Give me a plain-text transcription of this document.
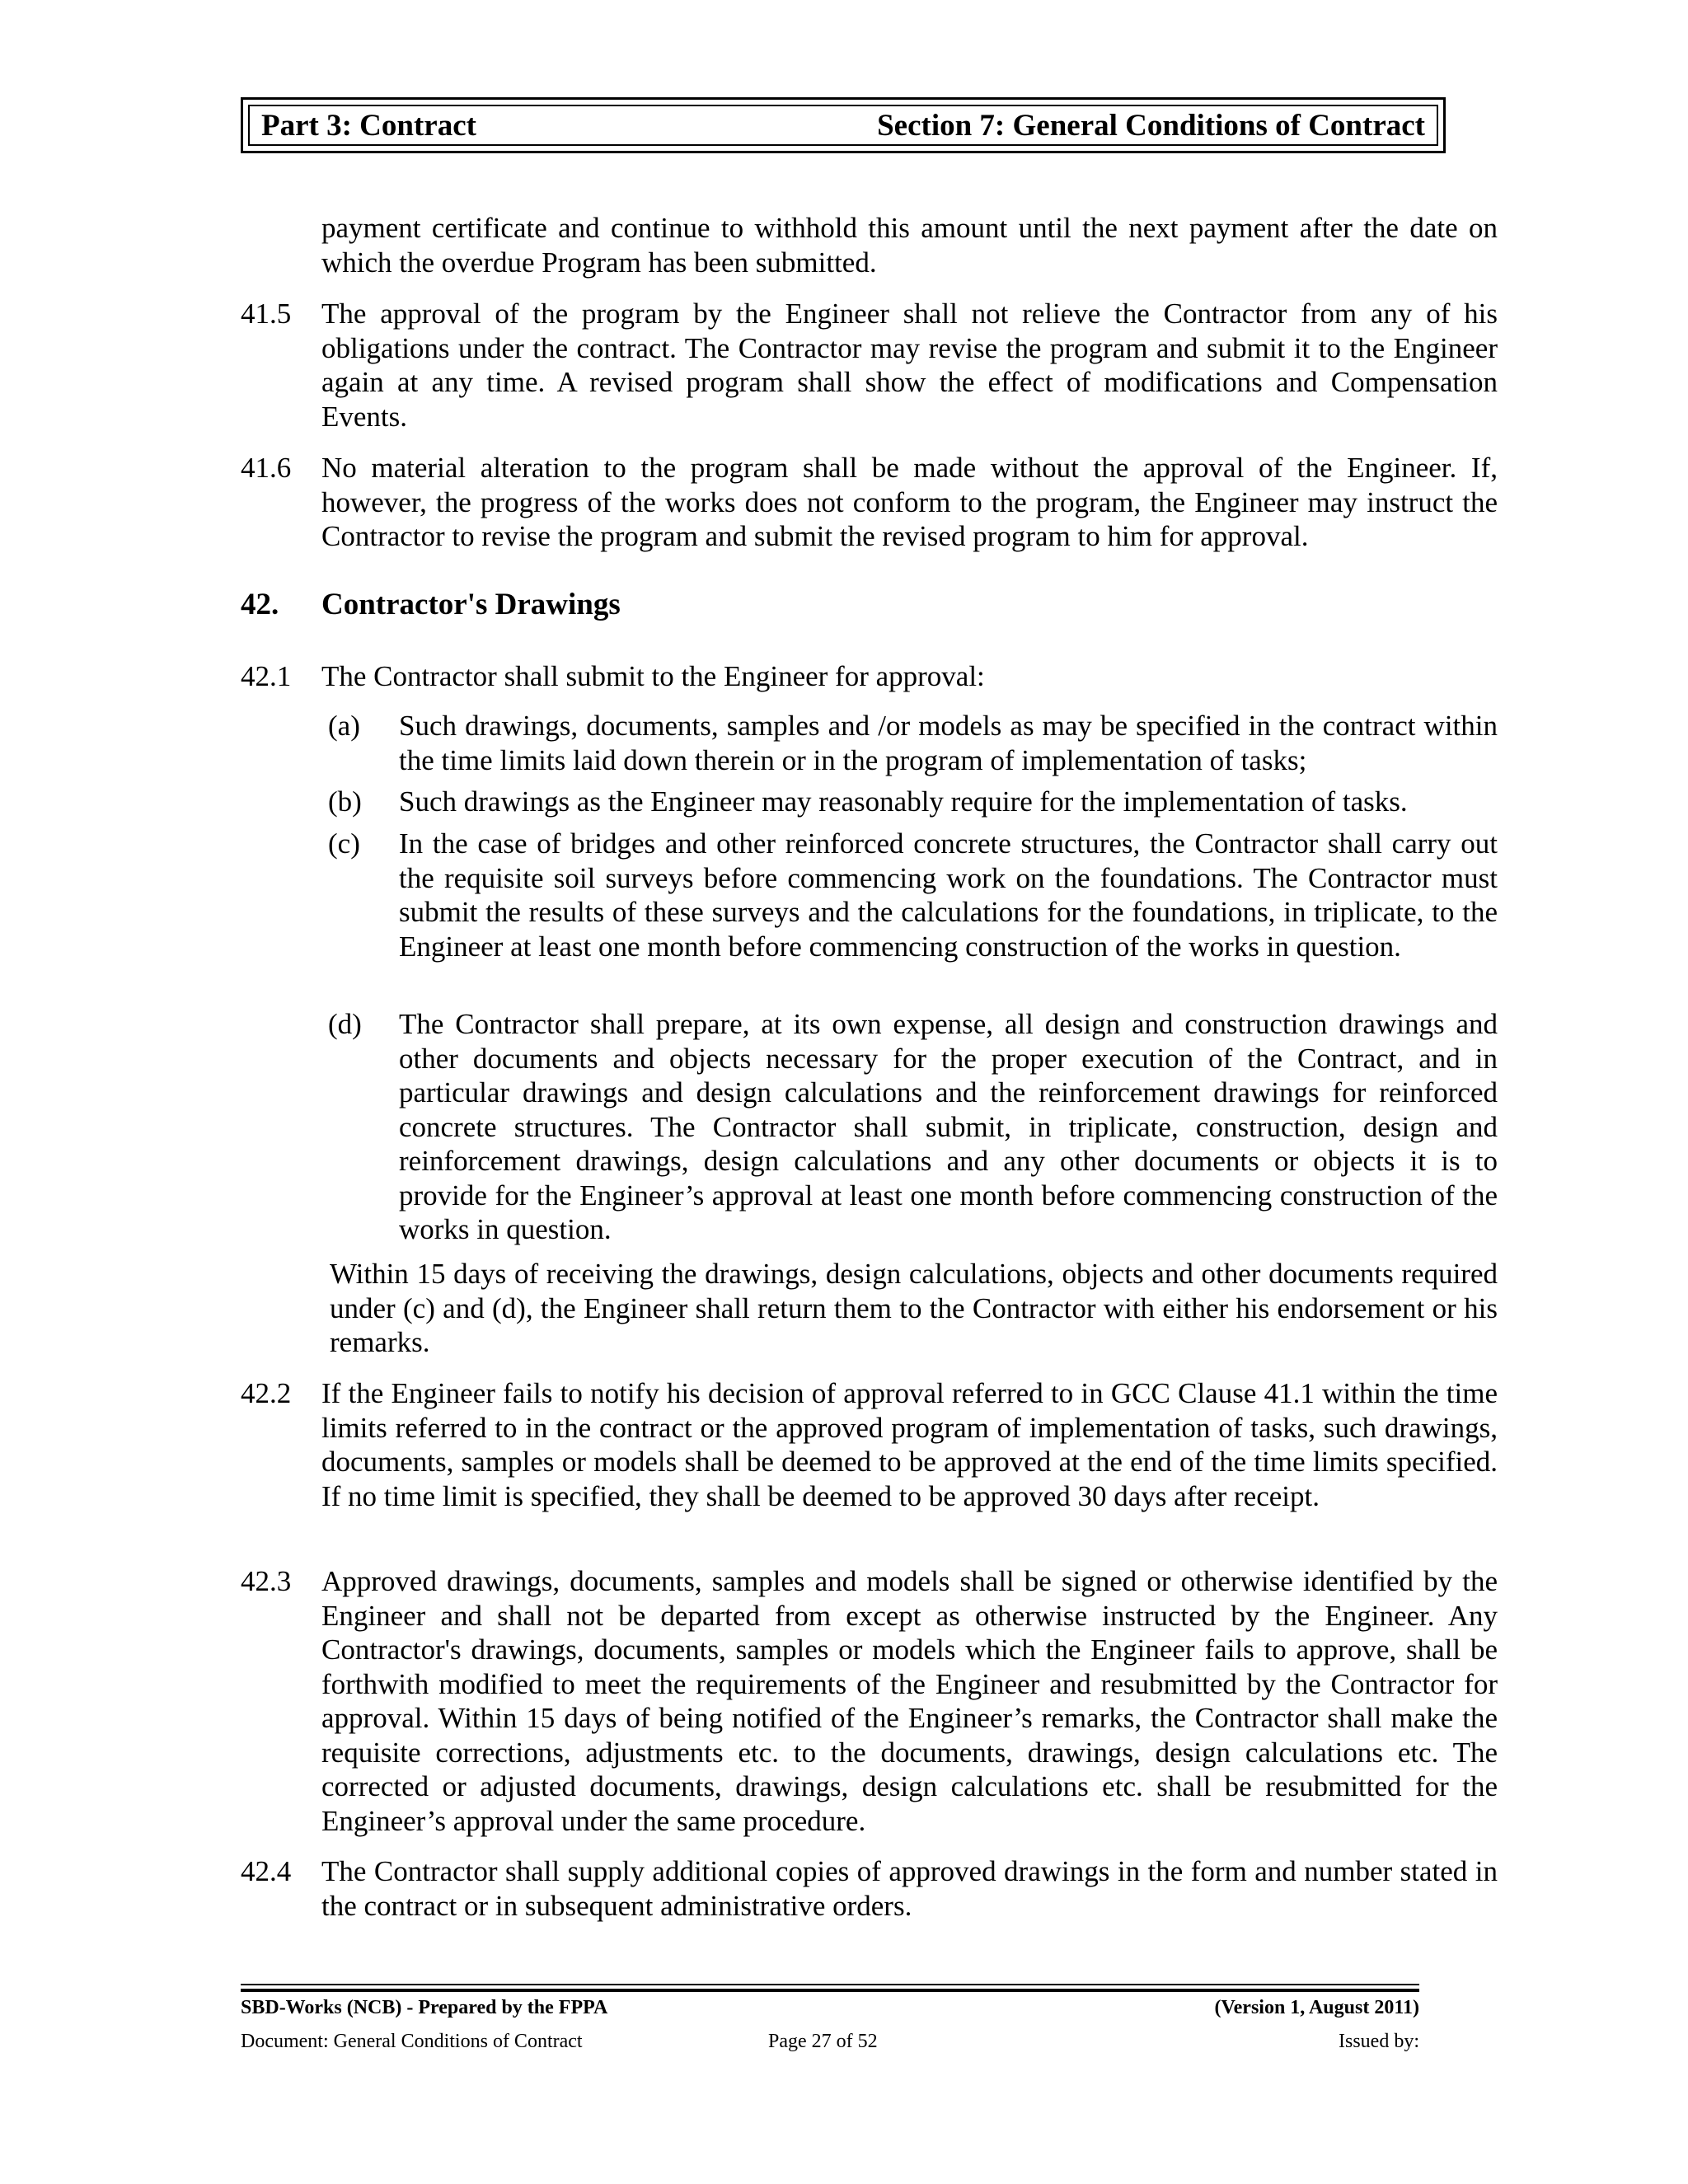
Part 3: Contract	Section 7: General Conditions of Contract
payment certificate and continue to withhold this amount until the next payment after the date on which the overdue Program has been submitted.
41.5 The approval of the program by the Engineer shall not relieve the Contractor from any of his obligations under the contract. The Contractor may revise the program and submit it to the Engineer again at any time. A revised program shall show the effect of modifications and Compensation Events.
41.6 No material alteration to the program shall be made without the approval of the Engineer. If, however, the progress of the works does not conform to the program, the Engineer may instruct the Contractor to revise the program and submit the revised program to him for approval.
42. Contractor's Drawings
42.1 The Contractor shall submit to the Engineer for approval:
(a) Such drawings, documents, samples and /or models as may be specified in the contract within the time limits laid down therein or in the program of implementation of tasks;
(b) Such drawings as the Engineer may reasonably require for the implementation of tasks.
(c) In the case of bridges and other reinforced concrete structures, the Contractor shall carry out the requisite soil surveys before commencing work on the foundations. The Contractor must submit the results of these surveys and the calculations for the foundations, in triplicate, to the Engineer at least one month before commencing construction of the works in question.
(d) The Contractor shall prepare, at its own expense, all design and construction drawings and other documents and objects necessary for the proper execution of the Contract, and in particular drawings and design calculations and the reinforcement drawings for reinforced concrete structures. The Contractor shall submit, in triplicate, construction, design and reinforcement drawings, design calculations and any other documents or objects it is to provide for the Engineer’s approval at least one month before commencing construction of the works in question.
Within 15 days of receiving the drawings, design calculations, objects and other documents required under (c) and (d), the Engineer shall return them to the Contractor with either his endorsement or his remarks.
42.2 If the Engineer fails to notify his decision of approval referred to in GCC Clause 41.1 within the time limits referred to in the contract or the approved program of implementation of tasks, such drawings, documents, samples or models shall be deemed to be approved at the end of the time limits specified. If no time limit is specified, they shall be deemed to be approved 30 days after receipt.
42.3 Approved drawings, documents, samples and models shall be signed or otherwise identified by the Engineer and shall not be departed from except as otherwise instructed by the Engineer. Any Contractor's drawings, documents, samples or models which the Engineer fails to approve, shall be forthwith modified to meet the requirements of the Engineer and resubmitted by the Contractor for approval. Within 15 days of being notified of the Engineer’s remarks, the Contractor shall make the requisite corrections, adjustments etc. to the documents, drawings, design calculations etc. The corrected or adjusted documents, drawings, design calculations etc. shall be resubmitted for the Engineer’s approval under the same procedure.
42.4 The Contractor shall supply additional copies of approved drawings in the form and number stated in the contract or in subsequent administrative orders.
SBD-Works (NCB) - Prepared by the FPPA	(Version 1, August 2011)
Document: General Conditions of Contract	Page 27 of 52	Issued by:
